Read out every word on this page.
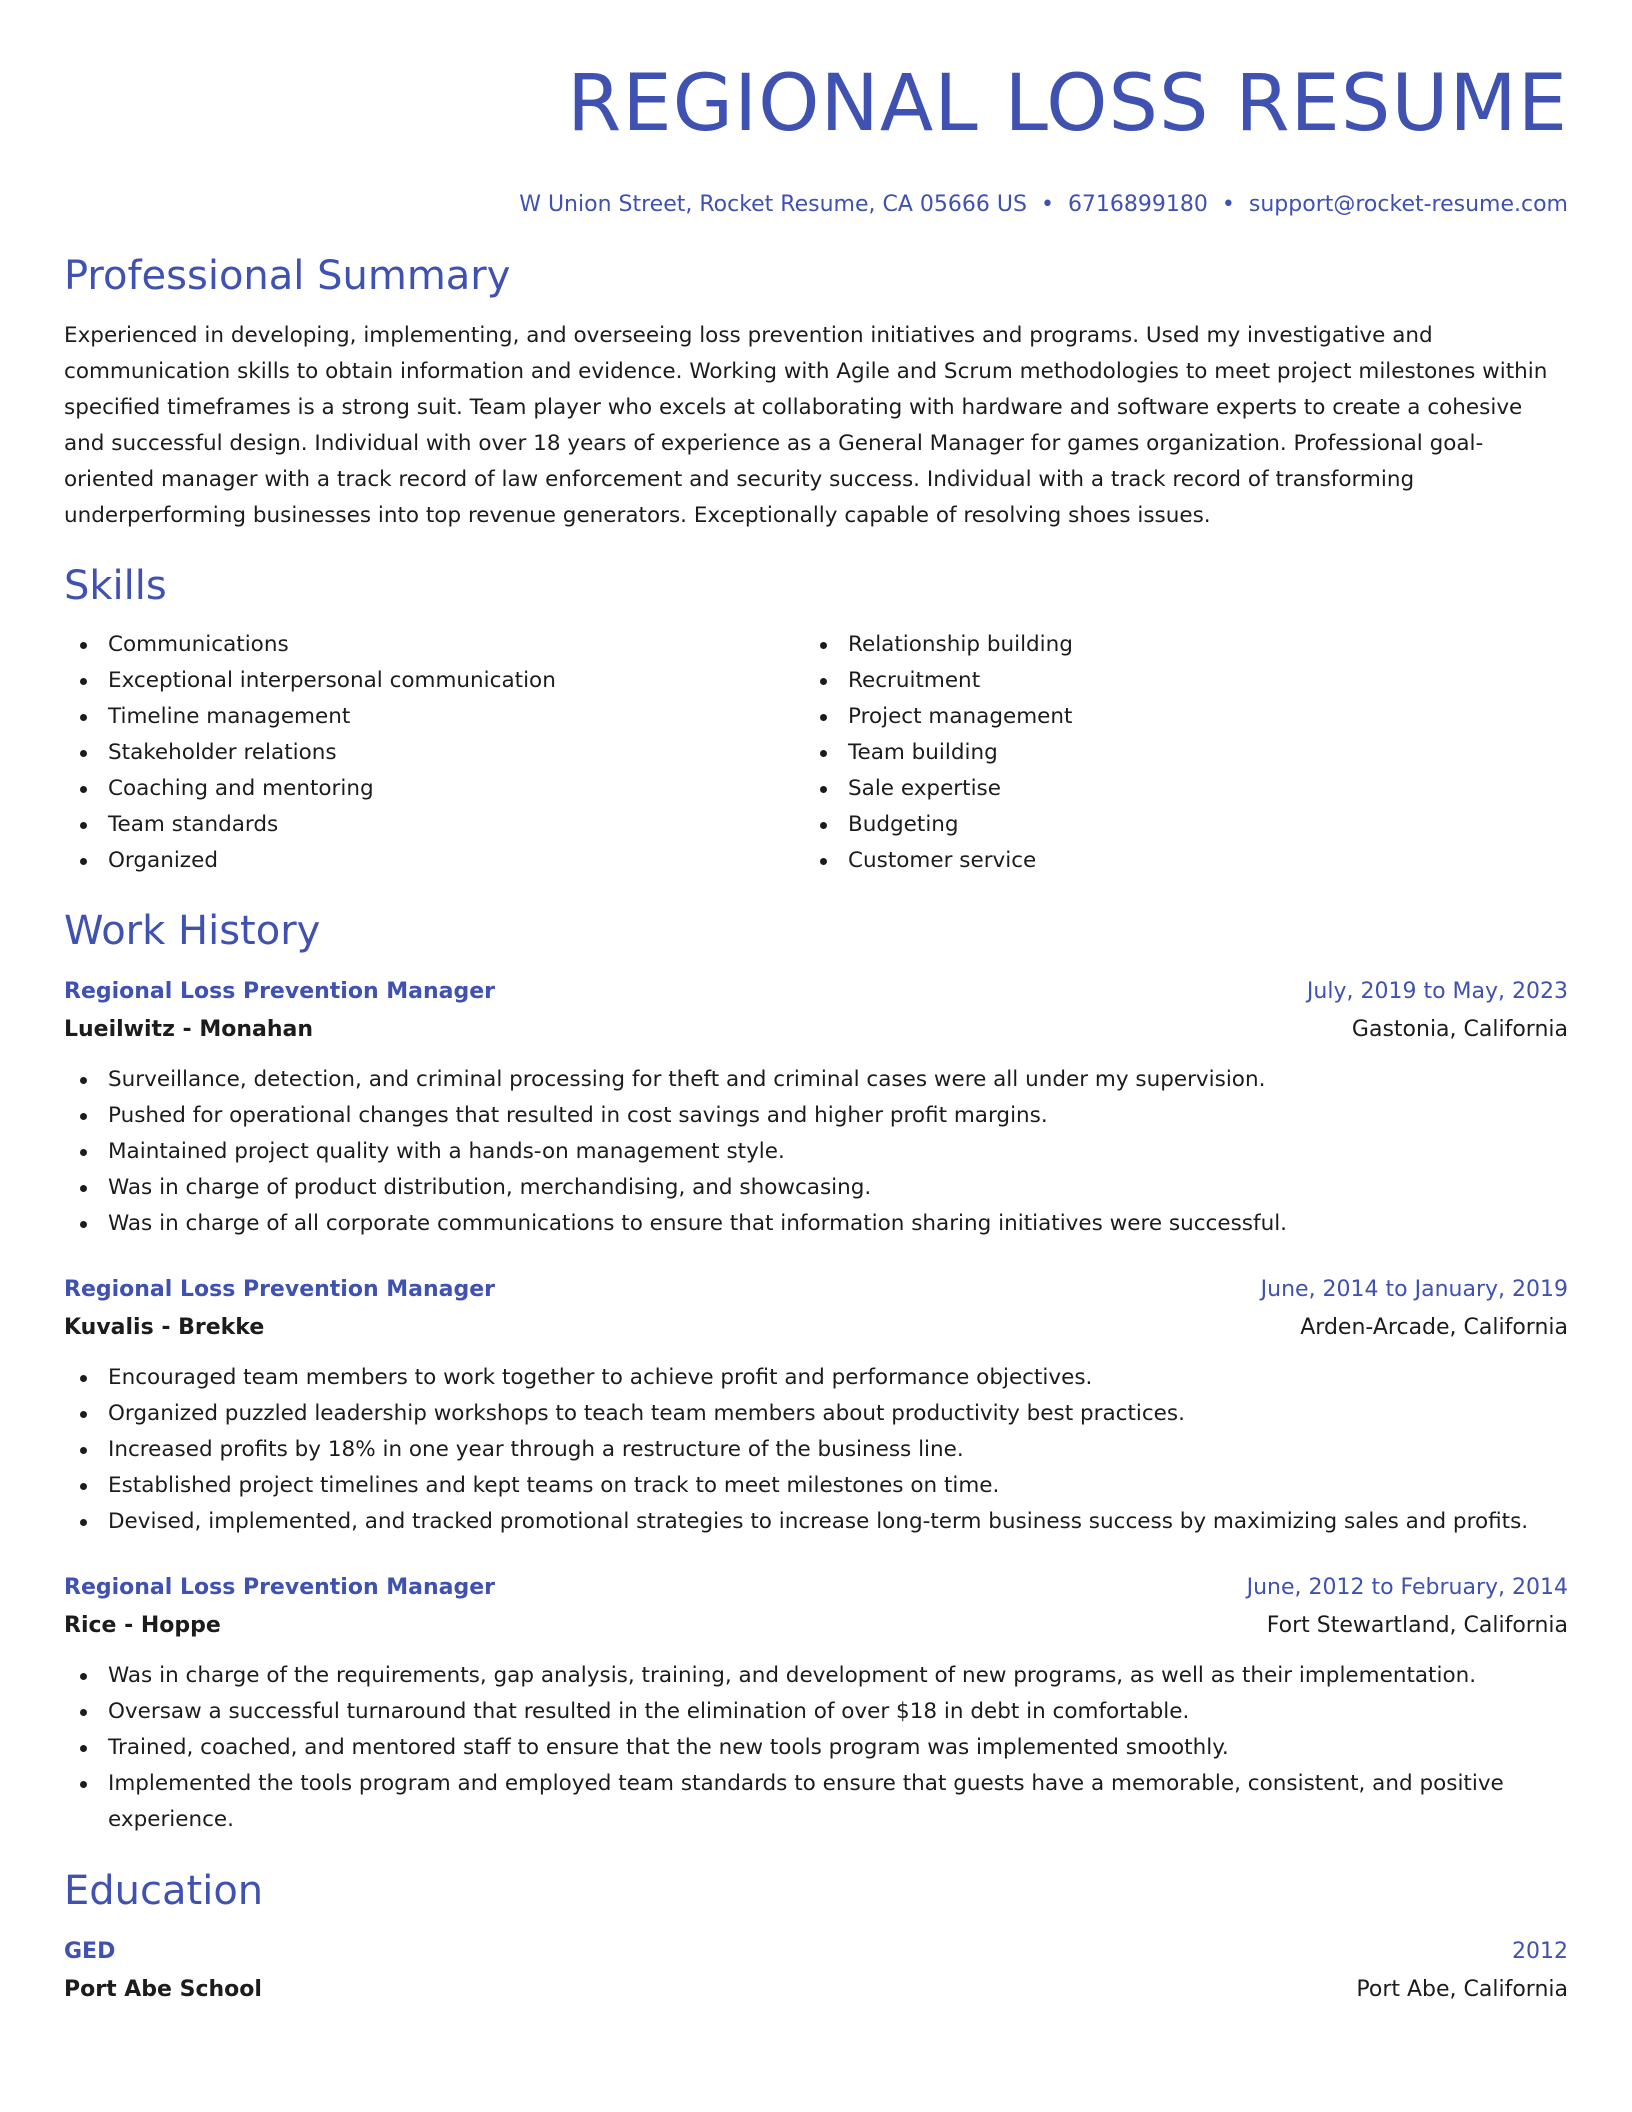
REGIONAL LOSS RESUME
W Union Street, Rocket Resume, CA 05666 US • 6716899180 • support@rocket-resume.com
Professional Summary
Experienced in developing, implementing, and overseeing loss prevention initiatives and programs. Used my investigative and communication skills to obtain information and evidence. Working with Agile and Scrum methodologies to meet project milestones within specified timeframes is a strong suit. Team player who excels at collaborating with hardware and software experts to create a cohesive and successful design. Individual with over 18 years of experience as a General Manager for games organization. Professional goal-oriented manager with a track record of law enforcement and security success. Individual with a track record of transforming underperforming businesses into top revenue generators. Exceptionally capable of resolving shoes issues.
Skills
Communications
Exceptional interpersonal communication
Timeline management
Stakeholder relations
Coaching and mentoring
Team standards
Organized
Relationship building
Recruitment
Project management
Team building
Sale expertise
Budgeting
Customer service
Work History
Regional Loss Prevention Manager	July, 2019 to May, 2023
Lueilwitz - Monahan	Gastonia, California
Surveillance, detection, and criminal processing for theft and criminal cases were all under my supervision.
Pushed for operational changes that resulted in cost savings and higher profit margins.
Maintained project quality with a hands-on management style.
Was in charge of product distribution, merchandising, and showcasing.
Was in charge of all corporate communications to ensure that information sharing initiatives were successful.
Regional Loss Prevention Manager	June, 2014 to January, 2019
Kuvalis - Brekke	Arden-Arcade, California
Encouraged team members to work together to achieve profit and performance objectives.
Organized puzzled leadership workshops to teach team members about productivity best practices.
Increased profits by 18% in one year through a restructure of the business line.
Established project timelines and kept teams on track to meet milestones on time.
Devised, implemented, and tracked promotional strategies to increase long-term business success by maximizing sales and profits.
Regional Loss Prevention Manager	June, 2012 to February, 2014
Rice - Hoppe	Fort Stewartland, California
Was in charge of the requirements, gap analysis, training, and development of new programs, as well as their implementation.
Oversaw a successful turnaround that resulted in the elimination of over $18 in debt in comfortable.
Trained, coached, and mentored staff to ensure that the new tools program was implemented smoothly.
Implemented the tools program and employed team standards to ensure that guests have a memorable, consistent, and positive experience.
Education
GED	2012
Port Abe School	Port Abe, California
